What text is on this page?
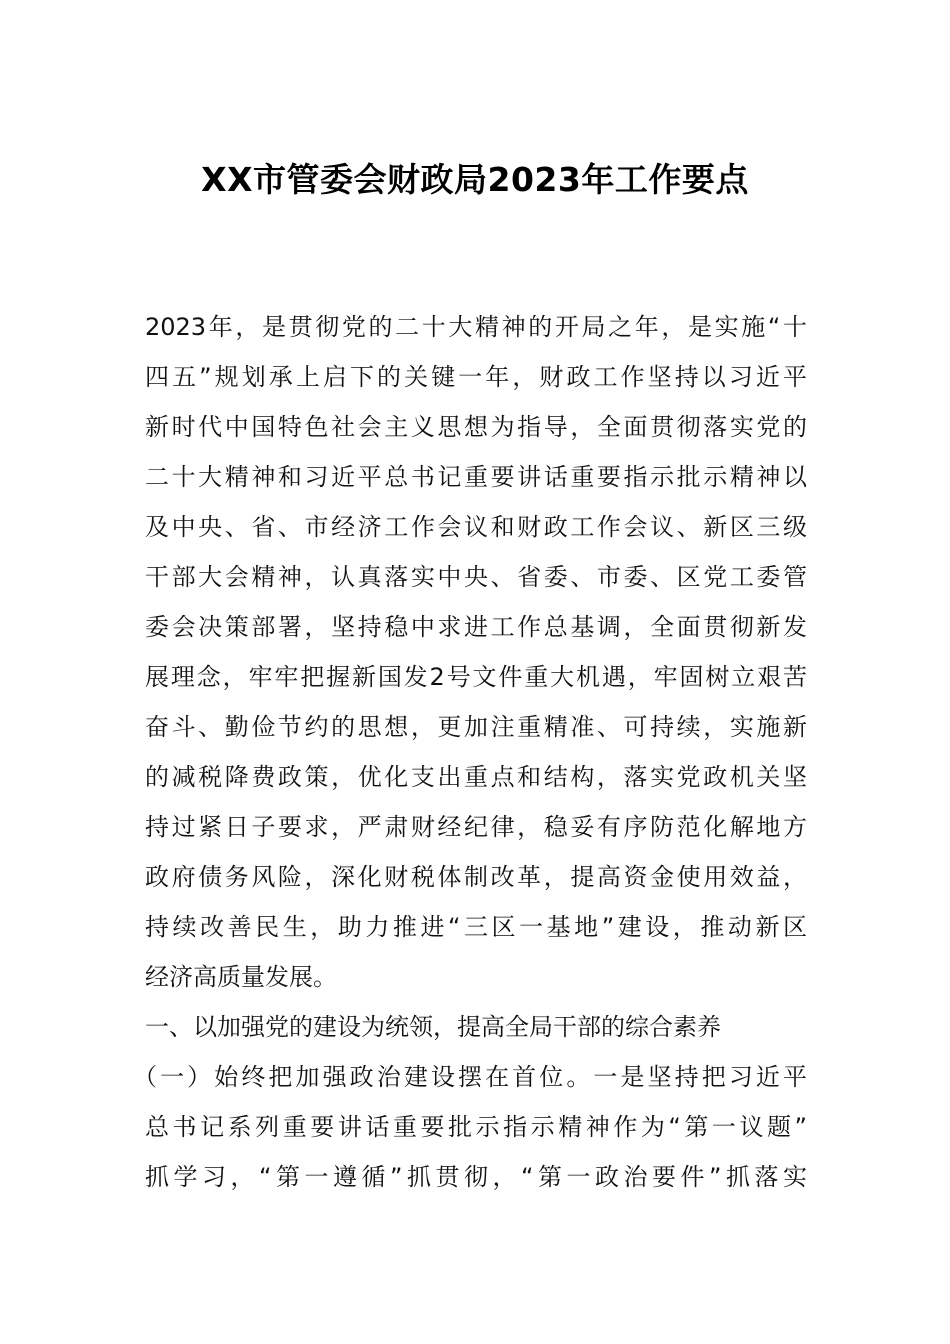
XX市管委会财政局2023年工作要点
2023年，是贯彻党的二十大精神的开局之年，是实施“十
四五”规划承上启下的关键一年，财政工作坚持以习近平
新时代中国特色社会主义思想为指导，全面贯彻落实党的
二十大精神和习近平总书记重要讲话重要指示批示精神以
及中央、省、市经济工作会议和财政工作会议、新区三级
干部大会精神，认真落实中央、省委、市委、区党工委管
委会决策部署，坚持稳中求进工作总基调，全面贯彻新发
展理念，牢牢把握新国发2号文件重大机遇，牢固树立艰苦
奋斗、勤俭节约的思想，更加注重精准、可持续，实施新
的减税降费政策，优化支出重点和结构，落实党政机关坚
持过紧日子要求，严肃财经纪律，稳妥有序防范化解地方
政府债务风险，深化财税体制改革，提高资金使用效益，
持续改善民生，助力推进“三区一基地”建设，推动新区
经济高质量发展。
一、以加强党的建设为统领，提高全局干部的综合素养
（一）始终把加强政治建设摆在首位。一是坚持把习近平
总书记系列重要讲话重要批示指示精神作为“第一议题”
抓学习，“第一遵循”抓贯彻，“第一政治要件”抓落实
